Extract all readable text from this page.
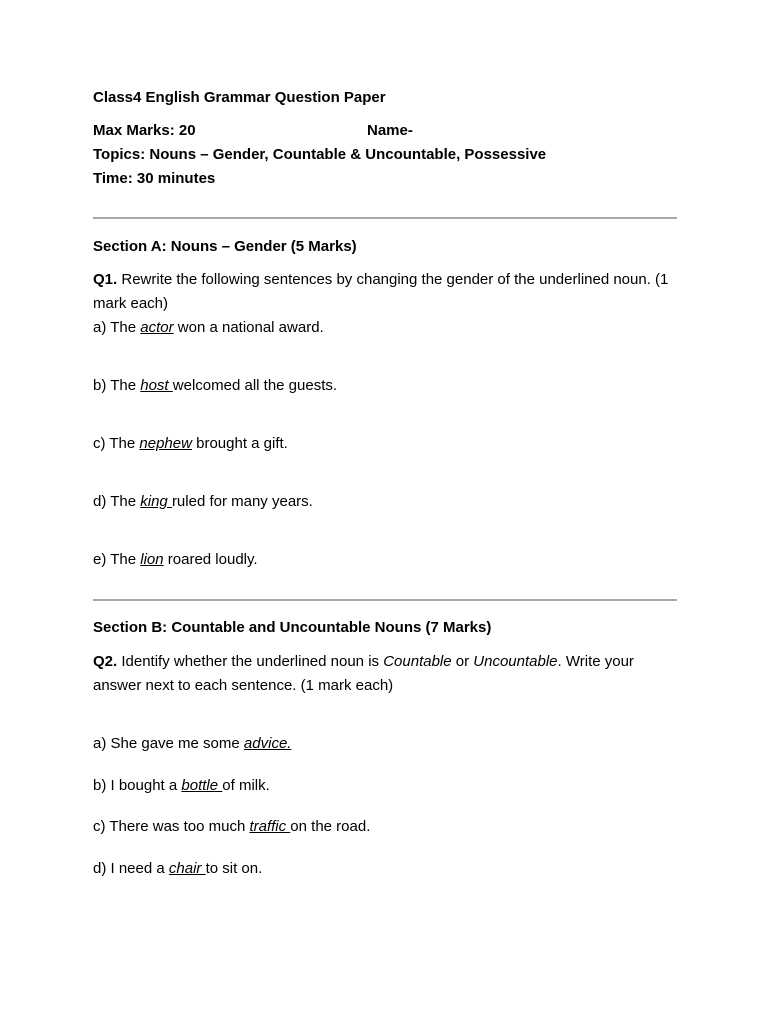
Class4 English Grammar Question Paper

Max Marks: 20	Name-

Topics: Nouns – Gender, Countable & Uncountable, Possessive

Time: 30 minutes

Section A: Nouns – Gender (5 Marks)

Q1. Rewrite the following sentences by changing the gender of the underlined noun. (1 mark each)

a) The actor won a national award.

b) The host welcomed all the guests.

c) The nephew brought a gift.

d) The king ruled for many years.

e) The lion roared loudly.

Section B: Countable and Uncountable Nouns (7 Marks)

Q2. Identify whether the underlined noun is Countable or Uncountable. Write your answer next to each sentence. (1 mark each)

a) She gave me some advice.

b) I bought a bottle of milk.

c) There was too much traffic on the road.

d) I need a chair to sit on.
